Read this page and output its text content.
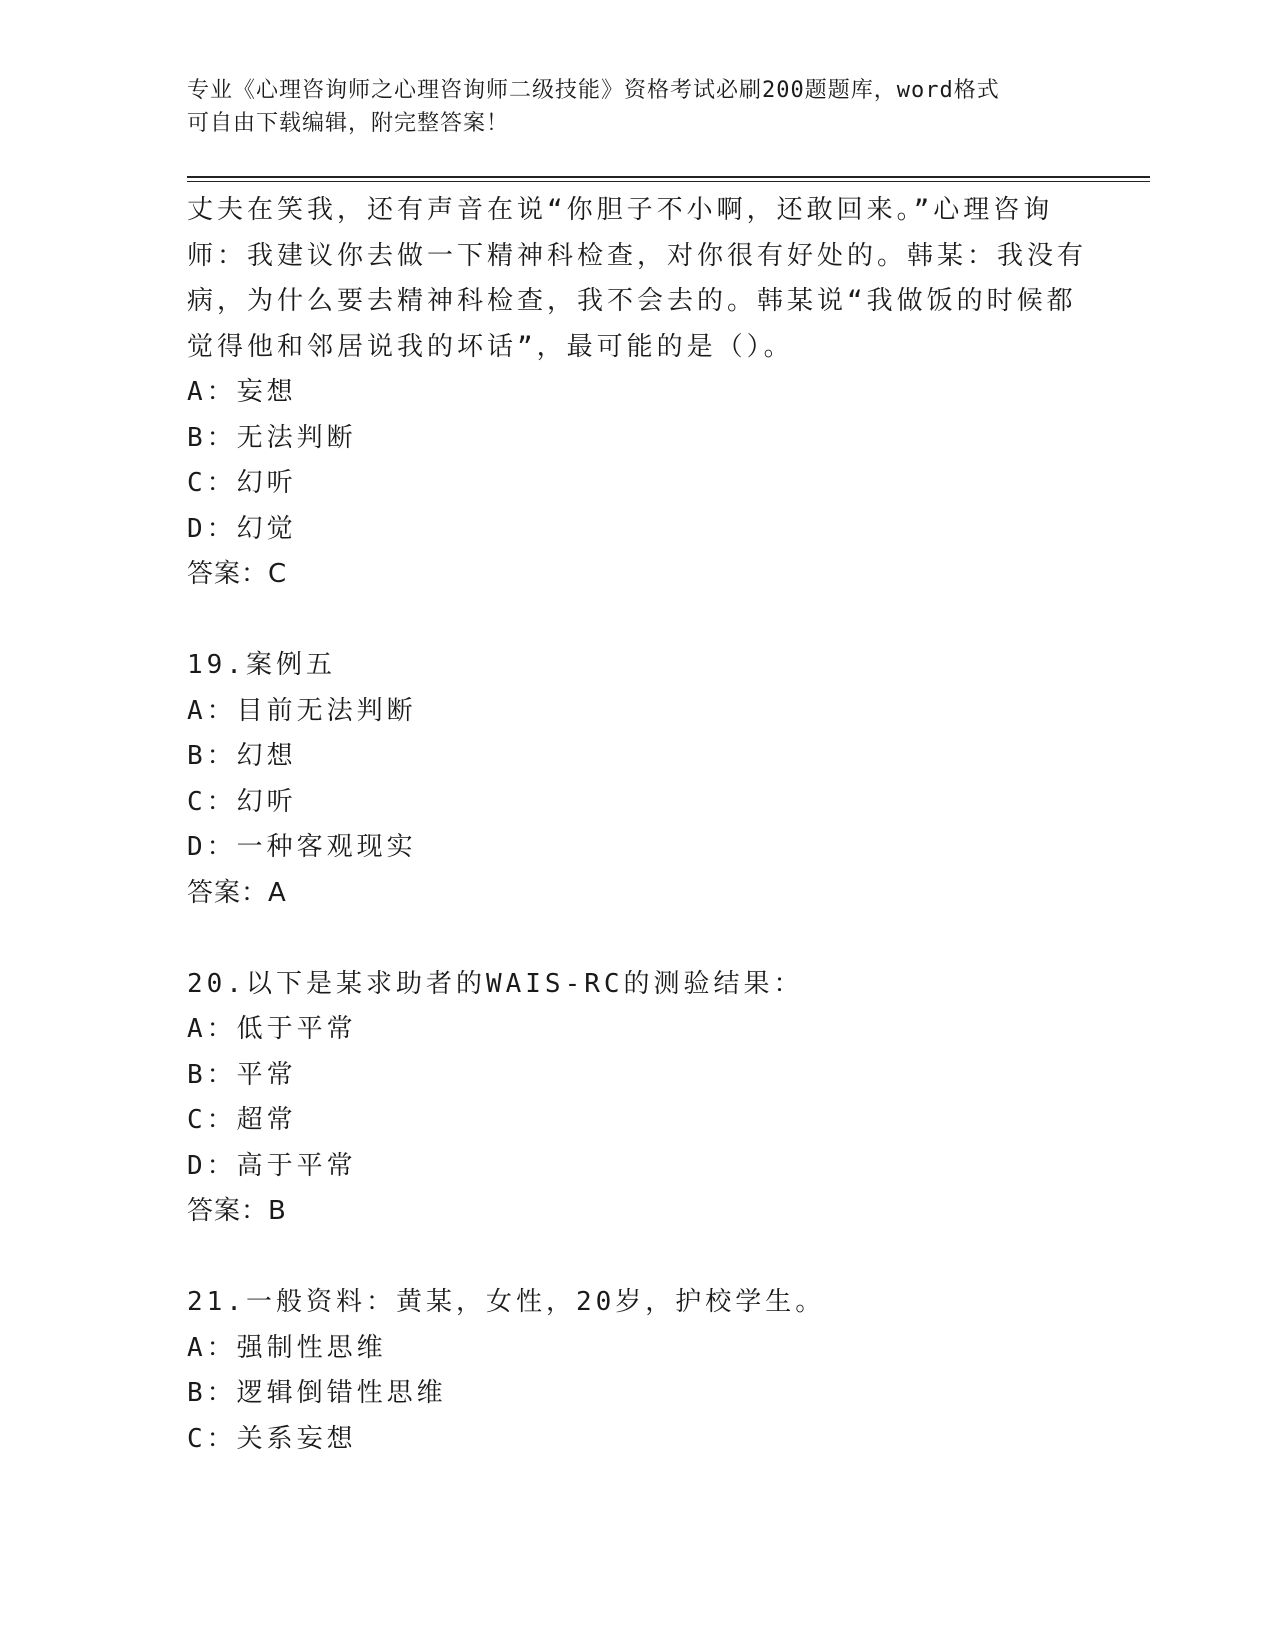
专业《心理咨询师之心理咨询师二级技能》资格考试必刷200题题库，word格式
可自由下载编辑，附完整答案！
丈夫在笑我，还有声音在说“你胆子不小啊，还敢回来。”心理咨询
师：我建议你去做一下精神科检查，对你很有好处的。韩某：我没有
病，为什么要去精神科检查，我不会去的。韩某说“我做饭的时候都
觉得他和邻居说我的坏话”，最可能的是（）。
A：妄想
B：无法判断
C：幻听
D：幻觉
答案：C
19.案例五
A：目前无法判断
B：幻想
C：幻听
D：一种客观现实
答案：A
20.以下是某求助者的WAIS-RC的测验结果：
A：低于平常
B：平常
C：超常
D：高于平常
答案：B
21.一般资料：黄某，女性，20岁，护校学生。
A：强制性思维
B：逻辑倒错性思维
C：关系妄想
